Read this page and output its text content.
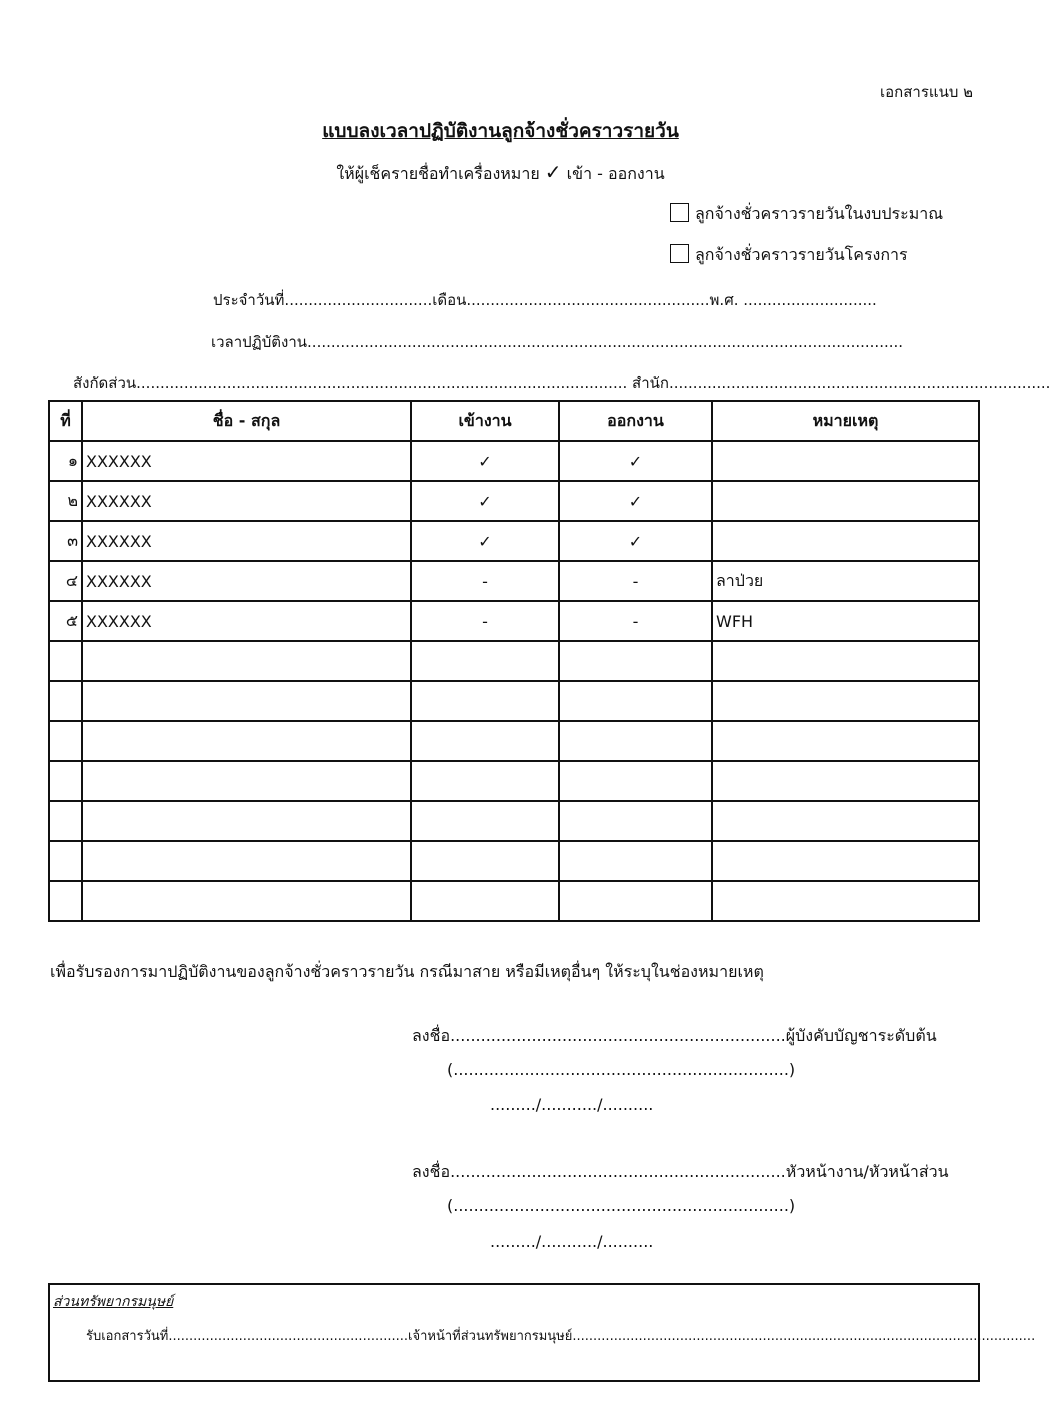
เอกสารแนบ ๒
แบบลงเวลาปฏิบัติงานลูกจ้างชั่วคราวรายวัน
ให้ผู้เช็ครายชื่อทำเครื่องหมาย ✓ เข้า - ออกงาน
ลูกจ้างชั่วคราวรายวันในงบประมาณ
ลูกจ้างชั่วคราวรายวันโครงการ
ประจำวันที่...............................เดือน...................................................พ.ศ. ............................
เวลาปฏิบัติงาน.............................................................................................................................
สังกัดส่วน....................................................................................................... สำนัก................................................................................
ที่	ชื่อ - สกุล	เข้างาน	ออกงาน	หมายเหตุ
๑	XXXXXX	✓	✓	
๒	XXXXXX	✓	✓	
๓	XXXXXX	✓	✓	
๔	XXXXXX	-	-	ลาป่วย
๕	XXXXXX	-	-	WFH

เพื่อรับรองการมาปฏิบัติงานของลูกจ้างชั่วคราวรายวัน กรณีมาสาย หรือมีเหตุอื่นๆ ให้ระบุในช่องหมายเหตุ
ลงชื่อ..................................................................ผู้บังคับบัญชาระดับต้น
(..................................................................)
........./.........../..........
ลงชื่อ..................................................................หัวหน้างาน/หัวหน้าส่วน
(..................................................................)
........./.........../..........
ส่วนทรัพยากรมนุษย์
รับเอกสารวันที่..........................................................เจ้าหน้าที่ส่วนทรัพยากรมนุษย์................................................................................................................
